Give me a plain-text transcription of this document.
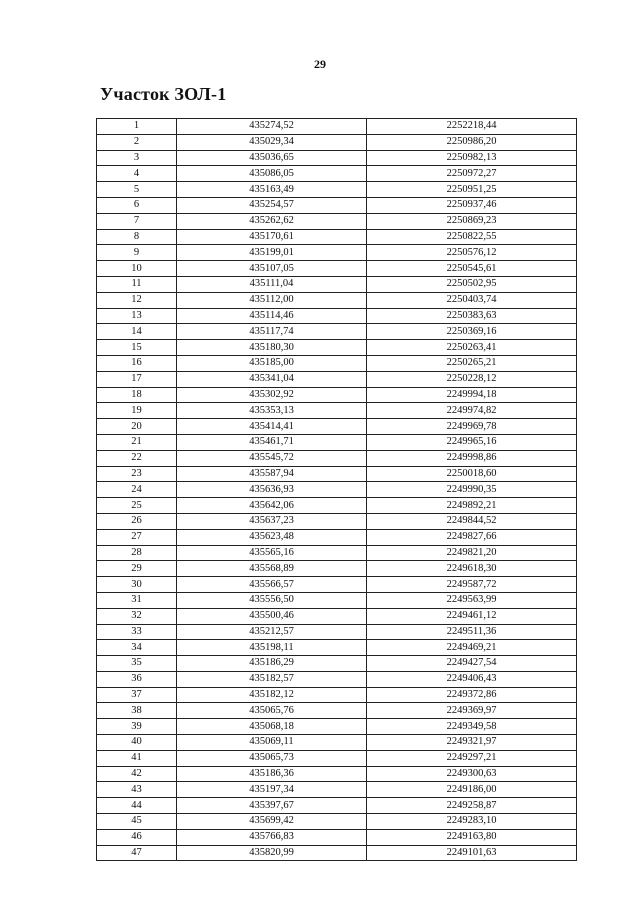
29
Участок ЗОЛ-1
1	435274,52	2252218,44
2	435029,34	2250986,20
3	435036,65	2250982,13
4	435086,05	2250972,27
5	435163,49	2250951,25
6	435254,57	2250937,46
7	435262,62	2250869,23
8	435170,61	2250822,55
9	435199,01	2250576,12
10	435107,05	2250545,61
11	435111,04	2250502,95
12	435112,00	2250403,74
13	435114,46	2250383,63
14	435117,74	2250369,16
15	435180,30	2250263,41
16	435185,00	2250265,21
17	435341,04	2250228,12
18	435302,92	2249994,18
19	435353,13	2249974,82
20	435414,41	2249969,78
21	435461,71	2249965,16
22	435545,72	2249998,86
23	435587,94	2250018,60
24	435636,93	2249990,35
25	435642,06	2249892,21
26	435637,23	2249844,52
27	435623,48	2249827,66
28	435565,16	2249821,20
29	435568,89	2249618,30
30	435566,57	2249587,72
31	435556,50	2249563,99
32	435500,46	2249461,12
33	435212,57	2249511,36
34	435198,11	2249469,21
35	435186,29	2249427,54
36	435182,57	2249406,43
37	435182,12	2249372,86
38	435065,76	2249369,97
39	435068,18	2249349,58
40	435069,11	2249321,97
41	435065,73	2249297,21
42	435186,36	2249300,63
43	435197,34	2249186,00
44	435397,67	2249258,87
45	435699,42	2249283,10
46	435766,83	2249163,80
47	435820,99	2249101,63
